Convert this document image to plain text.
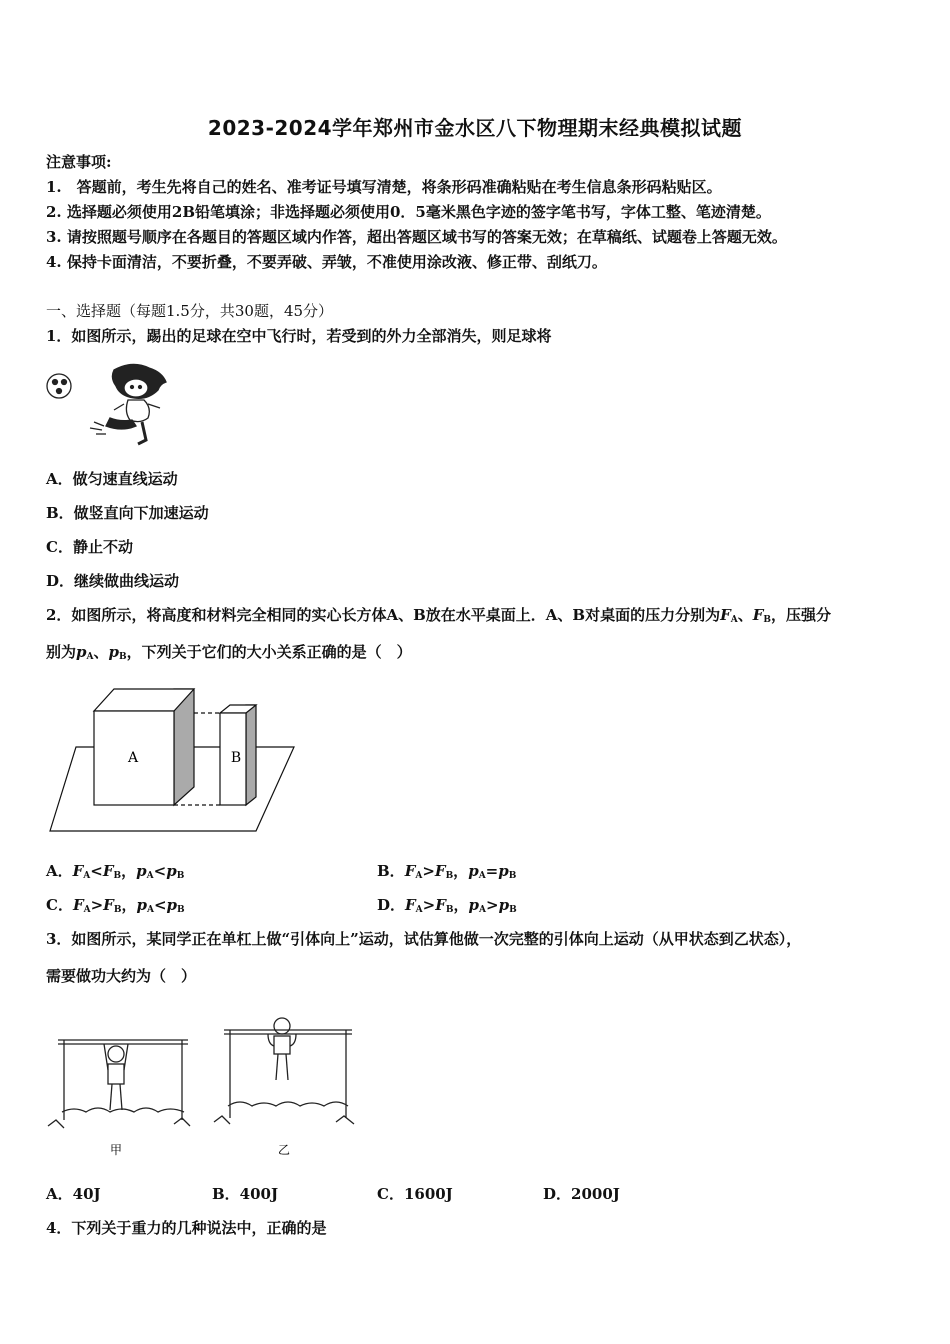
2023-2024学年郑州市金水区八下物理期末经典模拟试题
注意事项:
1.　答题前，考生先将自己的姓名、准考证号填写清楚，将条形码准确粘贴在考生信息条形码粘贴区。
2. 选择题必须使用2B铅笔填涂；非选择题必须使用0．5毫米黑色字迹的签字笔书写，字体工整、笔迹清楚。
3. 请按照题号顺序在各题目的答题区域内作答，超出答题区域书写的答案无效；在草稿纸、试题卷上答题无效。
4. 保持卡面清洁，不要折叠，不要弄破、弄皱，不准使用涂改液、修正带、刮纸刀。
一、选择题（每题1.5分，共30题，45分）
1．如图所示，踢出的足球在空中飞行时，若受到的外力全部消失，则足球将
A．做匀速直线运动
B．做竖直向下加速运动
C．静止不动
D．继续做曲线运动
2．如图所示，将高度和材料完全相同的实心长方体A、B放在水平桌面上．A、B对桌面的压力分别为$F_A$、$F_B$，压强分
别为$p_A$、$p_B$，下列关于它们的大小关系正确的是（　）
A	B
A．$F_A<F_B$，$p_A<p_B$	B．$F_A>F_B$，$p_A=p_B$
C．$F_A>F_B$，$p_A<p_B$	D．$F_A>F_B$，$p_A>p_B$
3．如图所示，某同学正在单杠上做“引体向上”运动，试估算他做一次完整的引体向上运动（从甲状态到乙状态），
需要做功大约为（　）
甲	乙
A．40J	B．400J	C．1600J	D．2000J
4．下列关于重力的几种说法中，正确的是
